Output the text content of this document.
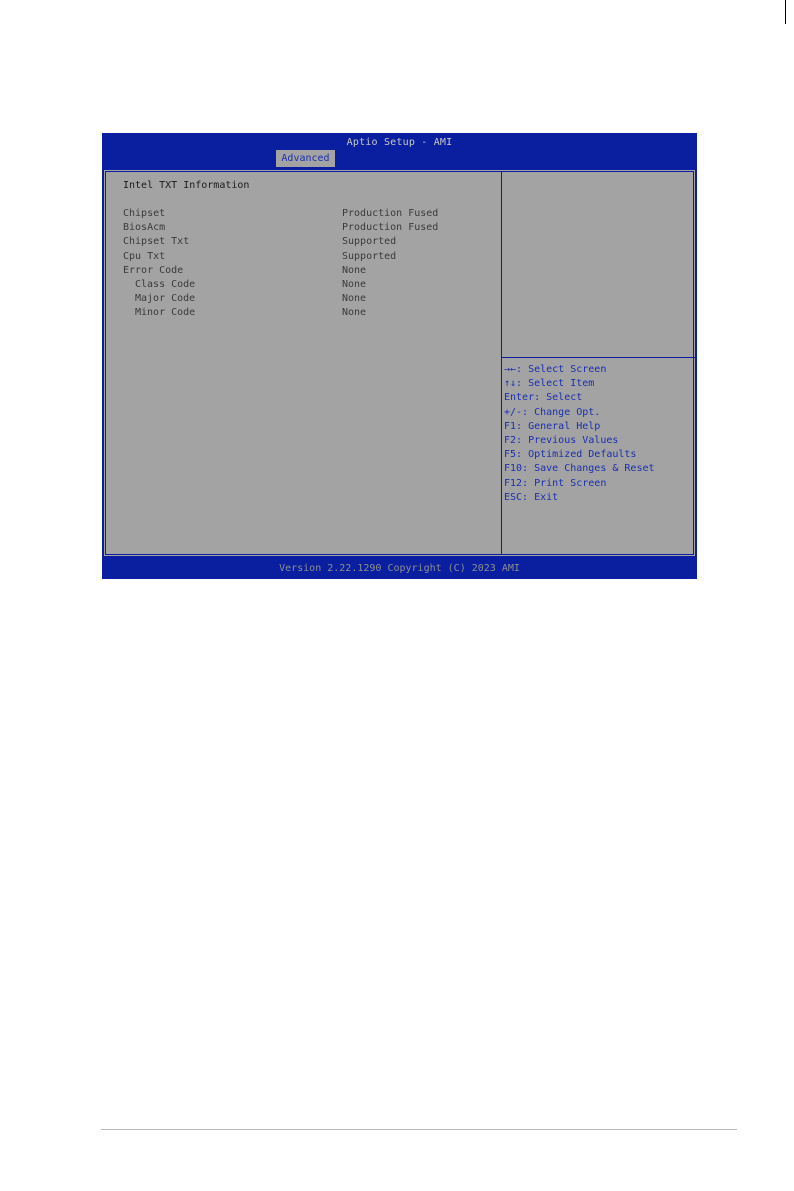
Aptio Setup - AMI
Advanced
Intel TXT Information
Chipset	Production Fused
BiosAcm	Production Fused
Chipset Txt	Supported
Cpu Txt	Supported
Error Code	None
Class Code	None
Major Code	None
Minor Code	None
→←: Select Screen
↑↓: Select Item
Enter: Select
+/-: Change Opt.
F1: General Help
F2: Previous Values
F5: Optimized Defaults
F10: Save Changes & Reset
F12: Print Screen
ESC: Exit
Version 2.22.1290 Copyright (C) 2023 AMI
